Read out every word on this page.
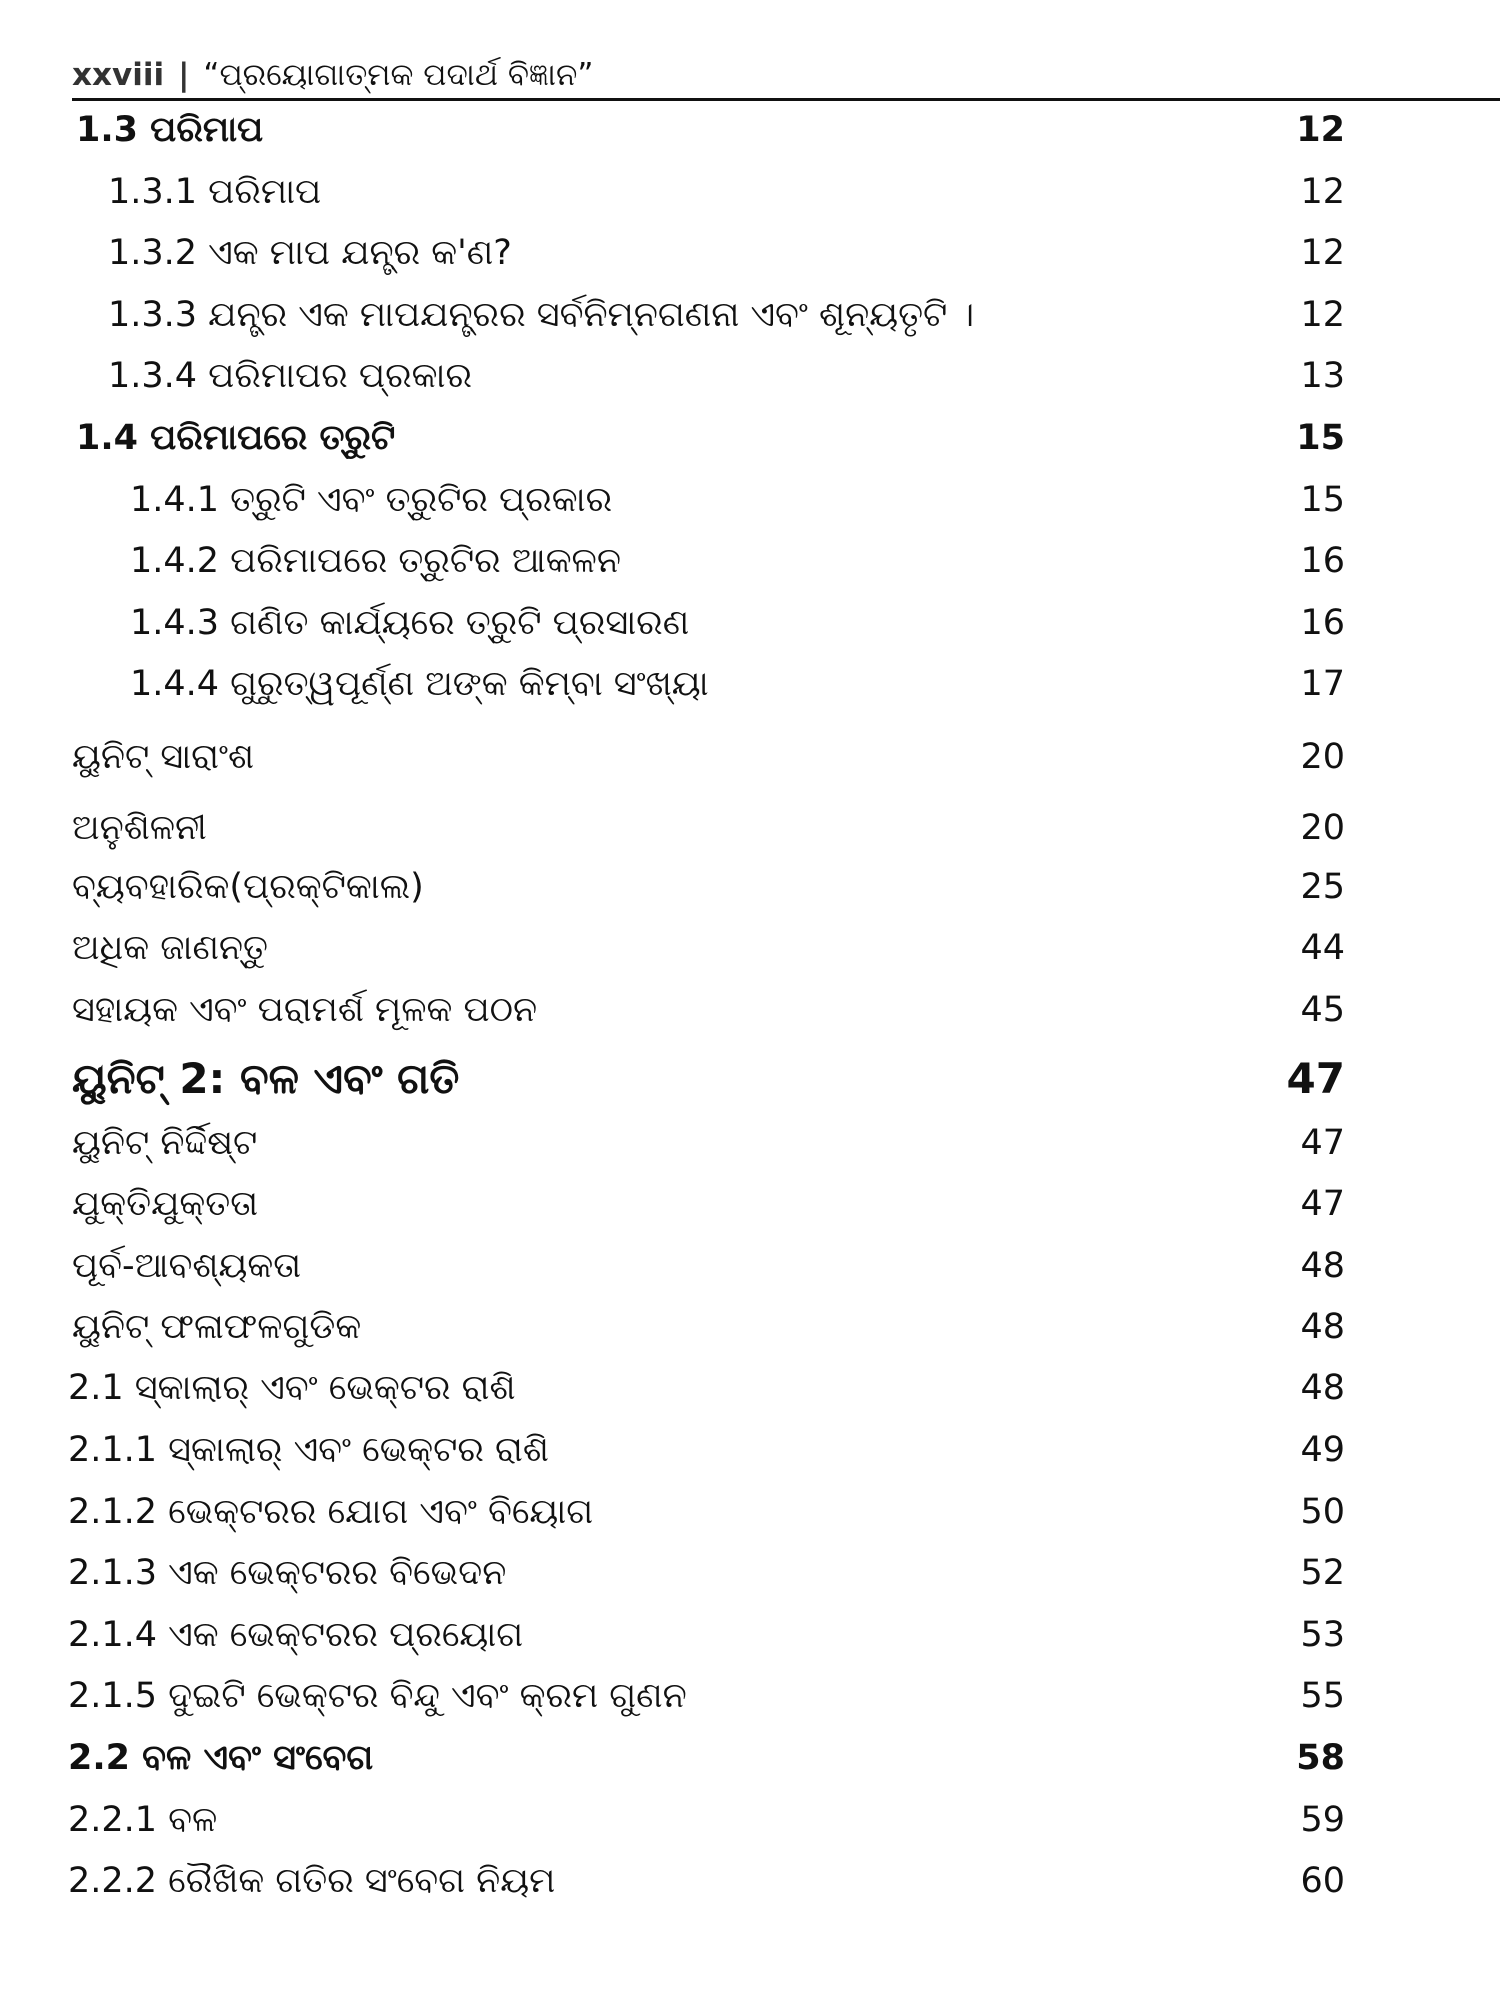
xxviii | “ପ୍ରୟୋଗାତ୍ମକ ପଦାର୍ଥ ବିଜ୍ଞାନ”
1.3 ପରିମାପ	12
1.3.1 ପରିମାପ	12
1.3.2 ଏକ ମାପ ଯନ୍ତ୍ର କ'ଣ?	12
1.3.3 ଯନ୍ତ୍ର ଏକ ମାପଯନ୍ତ୍ରର ସର୍ବନିମ୍ନଗଣନା ଏବଂ ଶୂନ୍ୟତୃଟି ।	12
1.3.4 ପରିମାପର ପ୍ରକାର	13
1.4 ପରିମାପରେ ତ୍ରୁଟି	15
1.4.1 ତ୍ରୁଟି ଏବଂ ତ୍ରୁଟିର ପ୍ରକାର	15
1.4.2 ପରିମାପରେ ତ୍ରୁଟିର ଆକଳନ	16
1.4.3 ଗଣିତ କାର୍ଯ୍ୟରେ ତ୍ରୁଟି ପ୍ରସାରଣ	16
1.4.4 ଗୁରୁତ୍ୱପୂର୍ଣ୍ଣ ଅଙ୍କ କିମ୍ବା ସଂଖ୍ୟା	17
ୟୁନିଟ୍ ସାରାଂଶ	20
ଅନୁଶିଳନୀ	20
ବ୍ୟବହାରିକ(ପ୍ରକ୍ଟିକାଲ)	25
ଅଧିକ ଜାଣନ୍ତୁ	44
ସହାୟକ ଏବଂ ପରାମର୍ଶ ମୂଳକ ପଠନ	45
ୟୁନିଟ୍ 2: ବଳ ଏବଂ ଗତି	47
ୟୁନିଟ୍ ନିର୍ଦ୍ଦିଷ୍ଟ	47
ଯୁକ୍ତିଯୁକ୍ତତା	47
ପୂର୍ବ-ଆବଶ୍ୟକତା	48
ୟୁନିଟ୍ ଫଳାଫଳଗୁଡିକ	48
2.1 ସ୍କାଲାର୍ ଏବଂ ଭେକ୍ଟର ରାଶି	48
2.1.1 ସ୍କାଲାର୍ ଏବଂ ଭେକ୍ଟର ରାଶି	49
2.1.2 ଭେକ୍ଟରର ଯୋଗ ଏବଂ ବିୟୋଗ	50
2.1.3 ଏକ ଭେକ୍ଟରର ବିଭେଦନ	52
2.1.4 ଏକ ଭେକ୍ଟରର ପ୍ରୟୋଗ	53
2.1.5 ଦୁଇଟି ଭେକ୍ଟର ବିନ୍ଦୁ ଏବଂ କ୍ରମ ଗୁଣନ	55
2.2 ବଳ ଏବଂ ସଂବେଗ	58
2.2.1 ବଳ	59
2.2.2 ରୈଖିକ ଗତିର ସଂବେଗ ନିୟମ	60
